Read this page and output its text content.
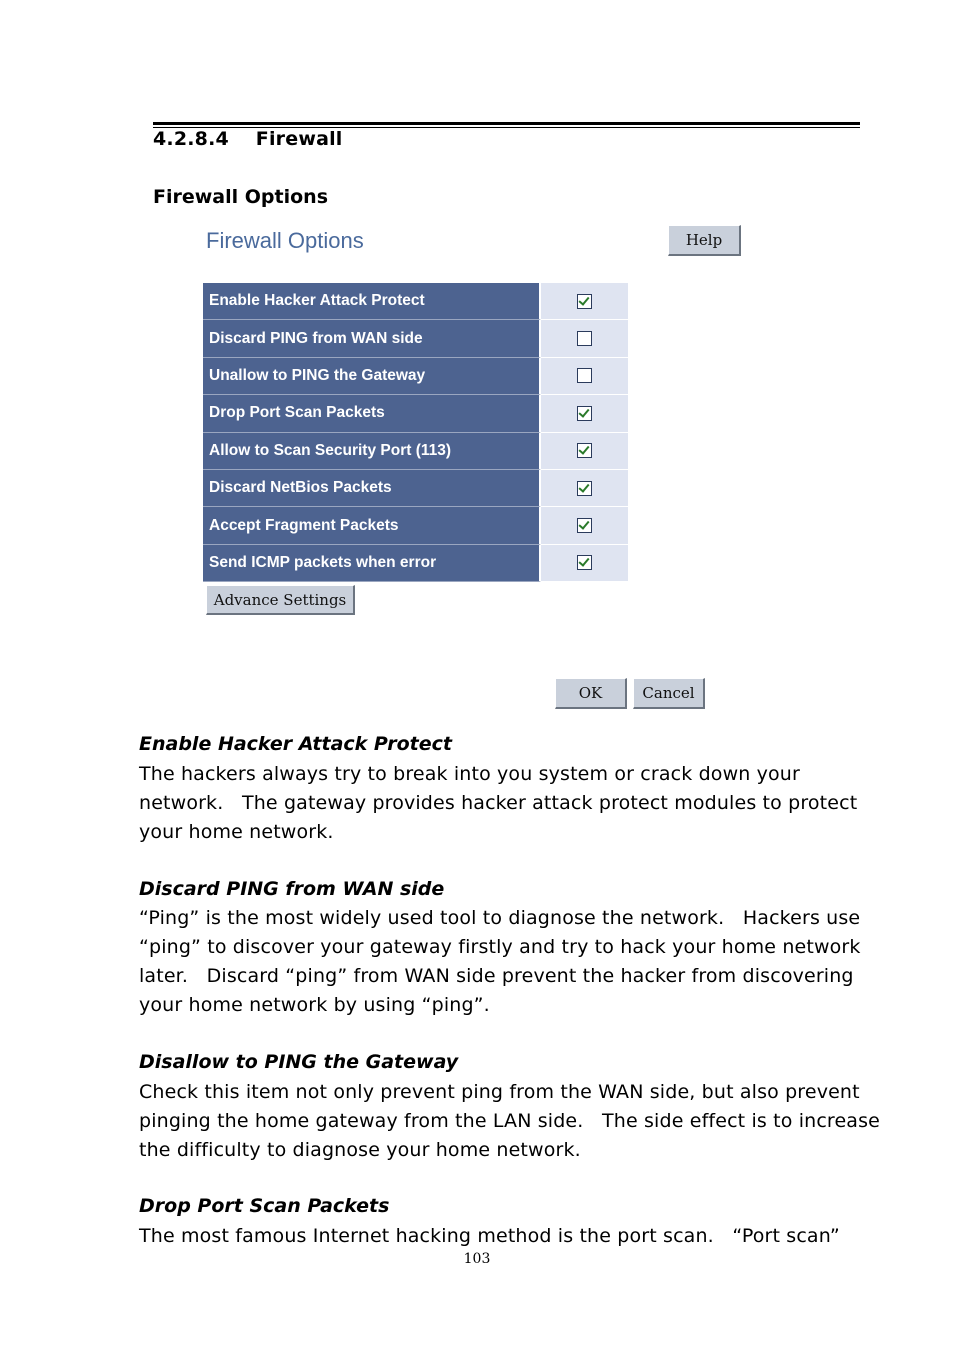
4.2.8.4 Firewall
Firewall Options
Firewall Options	Help
Enable Hacker Attack Protect
Discard PING from WAN side
Unallow to PING the Gateway
Drop Port Scan Packets
Allow to Scan Security Port (113)
Discard NetBios Packets
Accept Fragment Packets
Send ICMP packets when error
Advance Settings
OK	Cancel
Enable Hacker Attack Protect
The hackers always try to break into you system or crack down your
network.   The gateway provides hacker attack protect modules to protect
your home network.
Discard PING from WAN side
“Ping” is the most widely used tool to diagnose the network.   Hackers use
“ping” to discover your gateway firstly and try to hack your home network
later.   Discard “ping” from WAN side prevent the hacker from discovering
your home network by using “ping”.
Disallow to PING the Gateway
Check this item not only prevent ping from the WAN side, but also prevent
pinging the home gateway from the LAN side.   The side effect is to increase
the difficulty to diagnose your home network.
Drop Port Scan Packets
The most famous Internet hacking method is the port scan.   “Port scan”
103
